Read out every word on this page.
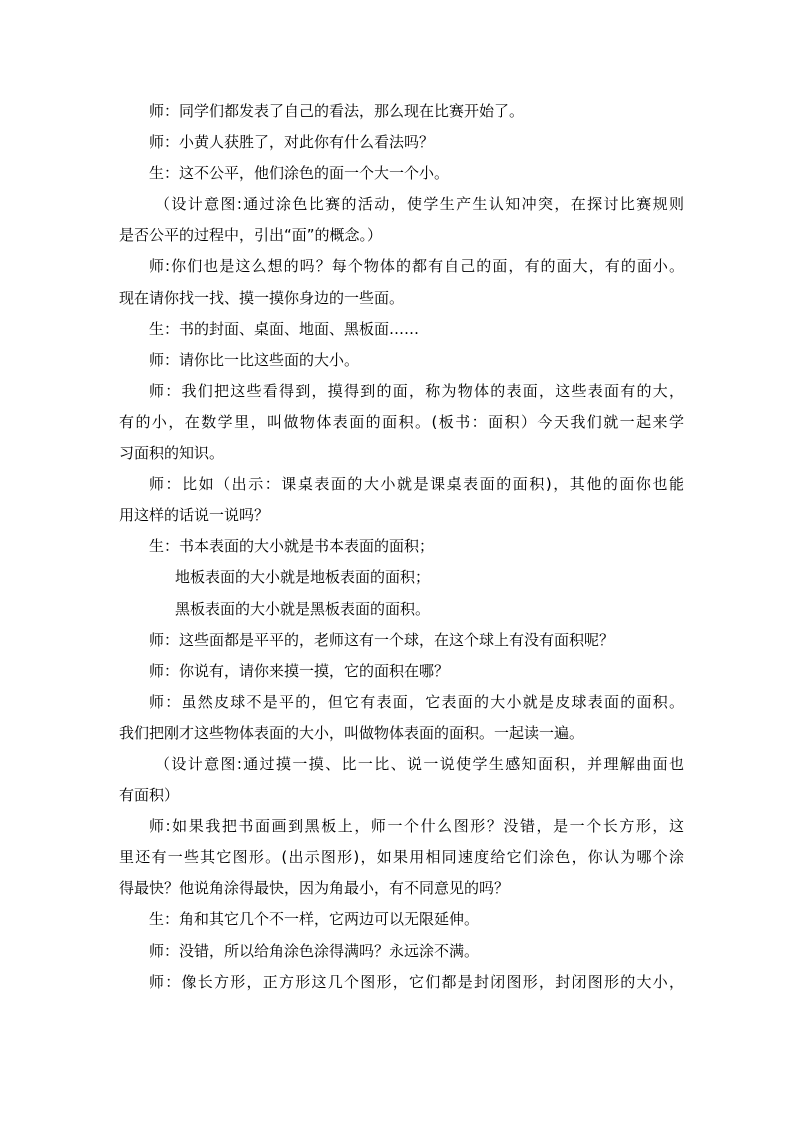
师：同学们都发表了自己的看法，那么现在比赛开始了。
师：小黄人获胜了，对此你有什么看法吗？
生：这不公平，他们涂色的面一个大一个小。
（设计意图:通过涂色比赛的活动，使学生产生认知冲突，在探讨比赛规则
是否公平的过程中，引出“面”的概念。）
师:你们也是这么想的吗？每个物体的都有自己的面，有的面大，有的面小。
现在请你找一找、摸一摸你身边的一些面。
生：书的封面、桌面、地面、黑板面……
师：请你比一比这些面的大小。
师：我们把这些看得到，摸得到的面，称为物体的表面，这些表面有的大，
有的小，在数学里，叫做物体表面的面积。(板书：面积）今天我们就一起来学
习面积的知识。
师：比如（出示：课桌表面的大小就是课桌表面的面积)，其他的面你也能
用这样的话说一说吗？
生：书本表面的大小就是书本表面的面积；
地板表面的大小就是地板表面的面积；
黑板表面的大小就是黑板表面的面积。
师：这些面都是平平的，老师这有一个球，在这个球上有没有面积呢？
师：你说有，请你来摸一摸，它的面积在哪？
师：虽然皮球不是平的，但它有表面，它表面的大小就是皮球表面的面积。
我们把刚才这些物体表面的大小，叫做物体表面的面积。一起读一遍。
（设计意图:通过摸一摸、比一比、说一说使学生感知面积，并理解曲面也
有面积）
师:如果我把书面画到黑板上，师一个什么图形？没错，是一个长方形，这
里还有一些其它图形。(出示图形)，如果用相同速度给它们涂色，你认为哪个涂
得最快？他说角涂得最快，因为角最小，有不同意见的吗？
生：角和其它几个不一样，它两边可以无限延伸。
师：没错，所以给角涂色涂得满吗？永远涂不满。
师：像长方形，正方形这几个图形，它们都是封闭图形，封闭图形的大小，
